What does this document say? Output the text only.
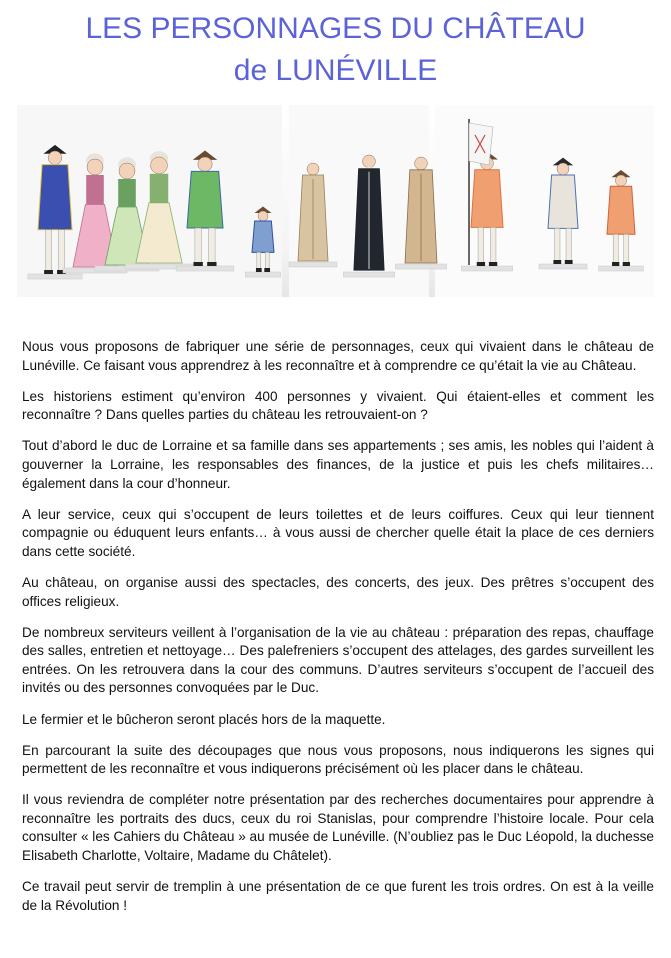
LES PERSONNAGES DU CHÂTEAU
de LUNÉVILLE

Nous vous proposons de fabriquer une série de personnages, ceux qui vivaient dans le château de Lunéville. Ce faisant vous apprendrez à les reconnaître et à comprendre ce qu’était la vie au Château.

Les historiens estiment qu’environ 400 personnes y vivaient. Qui étaient-elles et comment les reconnaître ? Dans quelles parties du château les retrouvaient-on ?

Tout d’abord le duc de Lorraine et sa famille dans ses appartements ; ses amis, les nobles qui l’aident à gouverner la Lorraine, les responsables des finances, de la justice et puis les chefs militaires… également dans la cour d’honneur.

A leur service, ceux qui s’occupent de leurs toilettes et de leurs coiffures. Ceux qui leur tiennent compagnie ou éduquent leurs enfants… à vous aussi de chercher quelle était la place de ces derniers dans cette société.

Au château, on organise aussi des spectacles, des concerts, des jeux. Des prêtres s’occupent des offices religieux.

De nombreux serviteurs veillent à l’organisation de la vie au château : préparation des repas, chauffage des salles, entretien et nettoyage… Des palefreniers s’occupent des attelages, des gardes surveillent les entrées. On les retrouvera dans la cour des communs. D’autres serviteurs s’occupent de l’accueil des invités ou des personnes convoquées par le Duc.

Le fermier et le bûcheron seront placés hors de la maquette.

En parcourant la suite des découpages que nous vous proposons, nous indiquerons les signes qui permettent de les reconnaître et vous indiquerons précisément où les placer dans le château.

Il vous reviendra de compléter notre présentation par des recherches documentaires pour apprendre à reconnaître les portraits des ducs, ceux du roi Stanislas, pour comprendre l’histoire locale. Pour cela consulter « les Cahiers du Château » au musée de Lunéville. (N’oubliez pas le Duc Léopold, la duchesse Elisabeth Charlotte, Voltaire, Madame du Châtelet).

Ce travail peut servir de tremplin à une présentation de ce que furent les trois ordres. On est à la veille de la Révolution !
